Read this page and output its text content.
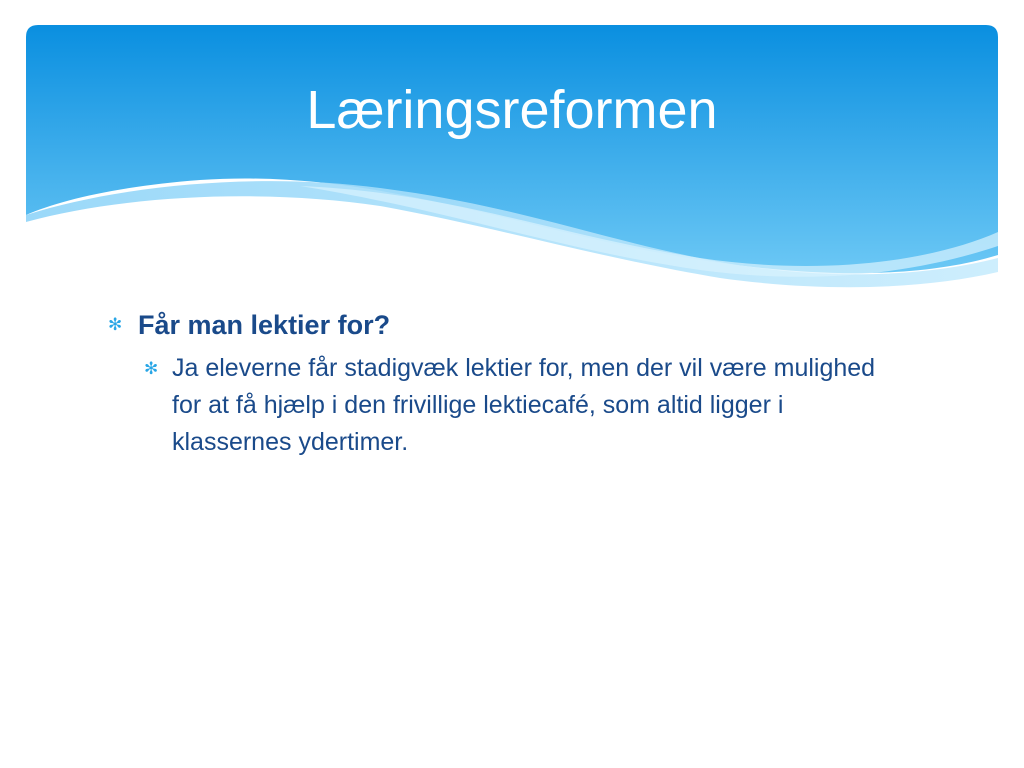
Læringsreformen
✻ Får man lektier for?
✻ Ja eleverne får stadigvæk lektier for, men der vil være mulighed for at få hjælp i den frivillige lektiecafé, som altid ligger i klassernes ydertimer.
